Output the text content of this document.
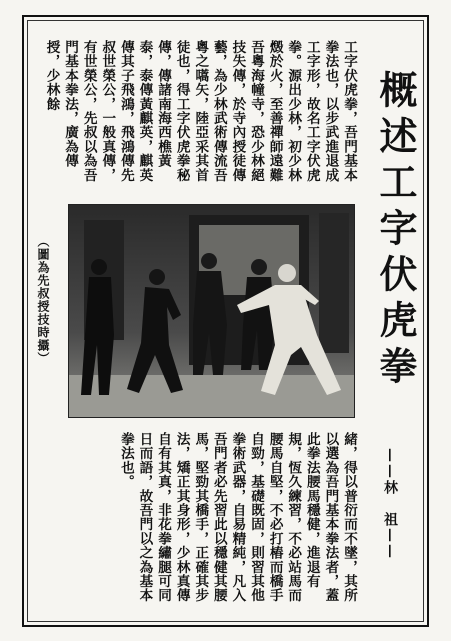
概述工字伏虎拳
工字伏虎拳，吾門基本拳法也，以步武進退成工字形，故名工字伏虎拳。源出少林，初少林燬於火，至善禪師遠難吾粵海幢寺，恐少林絕技失傳，於寺內授徒傳藝，為少林武術傳流吾粵之嚆矢，陸亞采其首徒也，得工字伏虎拳秘傳，傳諸南海西樵黃泰，泰傳黃麒英，麒英傳其子飛鴻，飛鴻傳先叔世榮公，一般真傳，有世榮公，先叔以為吾門基本拳法，廣為傳授，少林餘
（圖為先叔授技時攝）
緒，得以普衍而不墜，其所以選為吾門基本拳法者，蓋此拳法腰馬穩健，進退有規，恆久練習，不必站馬而腰馬自堅，不必打樁而橋手自勁，基礎既固，則習其他拳術武器，自易精純，凡入吾門者必先習此以穩健其腰馬，堅勁其橋手，正確其步法，矯正其身形，少林真傳自有其真，非花拳繡腿可同日而語，故吾門以之為基本拳法也。	——林　祖——
